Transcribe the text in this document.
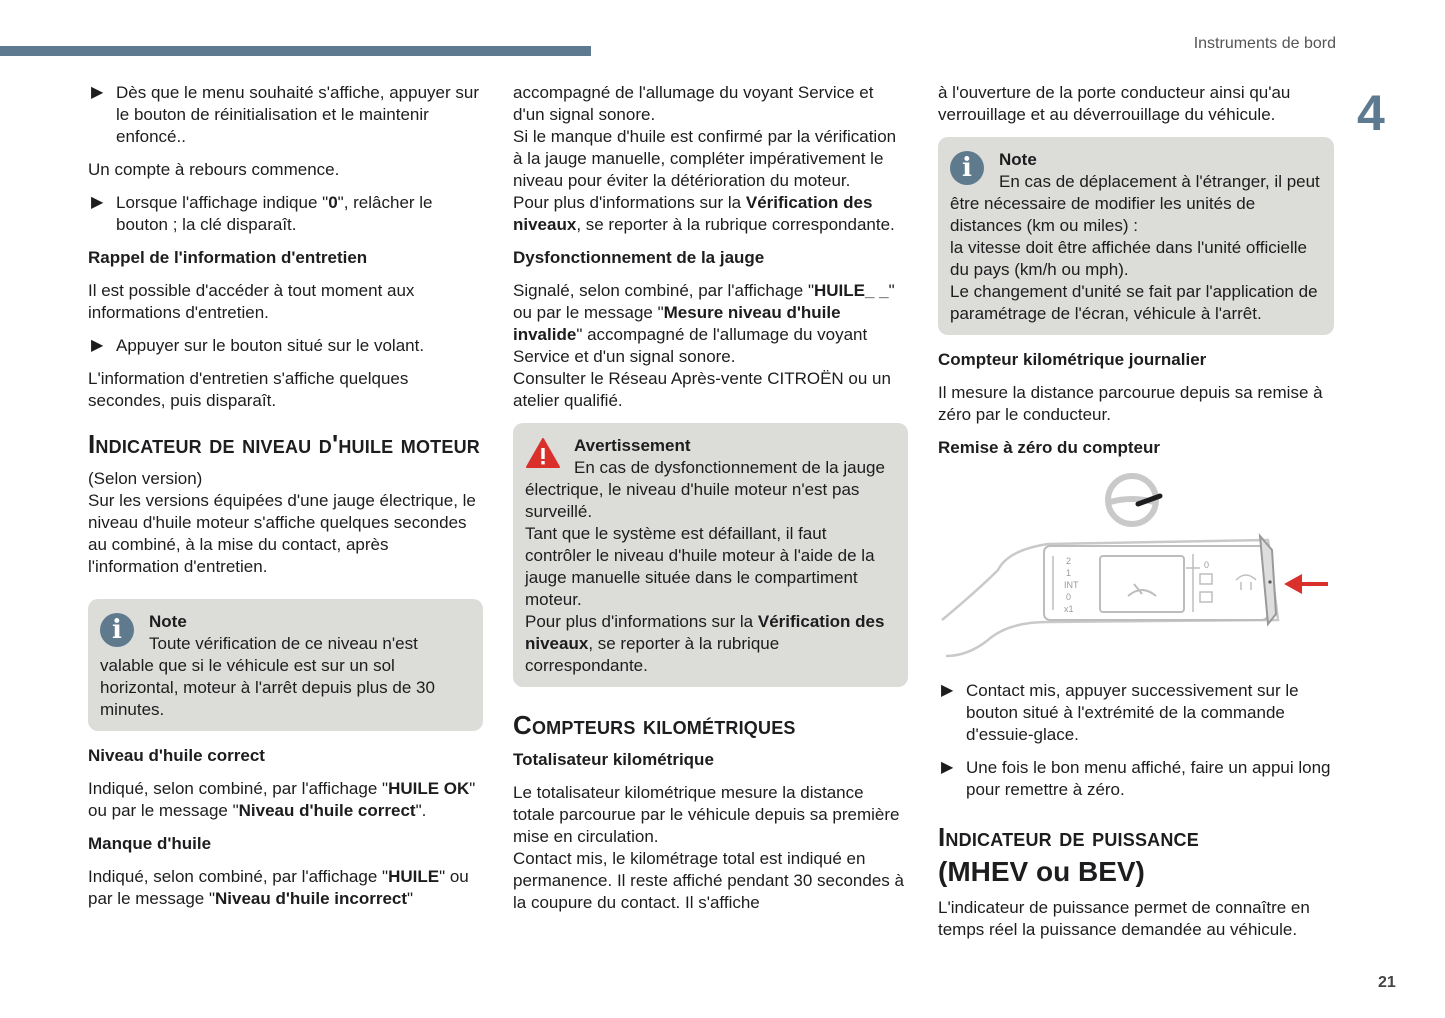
Instruments de bord
4
21
▶ Dès que le menu souhaité s'affiche, appuyer sur le bouton de réinitialisation et le maintenir enfoncé..

Un compte à rebours commence.

▶ Lorsque l'affichage indique "0", relâcher le bouton ; la clé disparaît.
Rappel de l'information d'entretien

Il est possible d'accéder à tout moment aux informations d'entretien.

▶ Appuyer sur le bouton situé sur le volant.

L'information d'entretien s'affiche quelques secondes, puis disparaît.

Indicateur de niveau d'huile moteur

(Selon version)

Sur les versions équipées d'une jauge électrique, le niveau d'huile moteur s'affiche quelques secondes au combiné, à la mise du contact, après l'information d'entretien.

i	Note
Toute vérification de ce niveau n'est valable que si le véhicule est sur un sol horizontal, moteur à l'arrêt depuis plus de 30 minutes.
Niveau d'huile correct

Indiqué, selon combiné, par l'affichage "HUILE OK" ou par le message "Niveau d'huile correct".

Manque d'huile

Indiqué, selon combiné, par l'affichage "HUILE" ou par le message "Niveau d'huile incorrect"

accompagné de l'allumage du voyant Service et d'un signal sonore.

Si le manque d'huile est confirmé par la vérification à la jauge manuelle, compléter impérativement le niveau pour éviter la détérioration du moteur.

Pour plus d'informations sur la Vérification des niveaux, se reporter à la rubrique correspondante.

Dysfonctionnement de la jauge

Signalé, selon combiné, par l'affichage "HUILE_ _" ou par le message "Mesure niveau d'huile invalide" accompagné de l'allumage du voyant Service et d'un signal sonore.

Consulter le Réseau Après-vente CITROËN ou un atelier qualifié.

Avertissement
En cas de dysfonctionnement de la jauge électrique, le niveau d'huile moteur n'est pas surveillé.
Tant que le système est défaillant, il faut contrôler le niveau d'huile moteur à l'aide de la jauge manuelle située dans le compartiment moteur.
Pour plus d'informations sur la Vérification des niveaux, se reporter à la rubrique correspondante.
Compteurs kilométriques
Totalisateur kilométrique

Le totalisateur kilométrique mesure la distance totale parcourue par le véhicule depuis sa première mise en circulation.

Contact mis, le kilométrage total est indiqué en permanence. Il reste affiché pendant 30 secondes à la coupure du contact. Il s'affiche

à l'ouverture de la porte conducteur ainsi qu'au verrouillage et au déverrouillage du véhicule.

i	Note
En cas de déplacement à l'étranger, il peut être nécessaire de modifier les unités de distances (km ou miles) :
la vitesse doit être affichée dans l'unité officielle du pays (km/h ou mph).
Le changement d'unité se fait par l'application de paramétrage de l'écran, véhicule à l'arrêt.
Compteur kilométrique journalier

Il mesure la distance parcourue depuis sa remise à zéro par le conducteur.

Remise à zéro du compteur
2
1
INT
0
x1
0
▶ Contact mis, appuyer successivement sur le bouton situé à l'extrémité de la commande d'essuie-glace.
▶ Une fois le bon menu affiché, faire un appui long pour remettre à zéro.
Indicateur de puissance
(MHEV ou BEV)

L'indicateur de puissance permet de connaître en temps réel la puissance demandée au véhicule.
